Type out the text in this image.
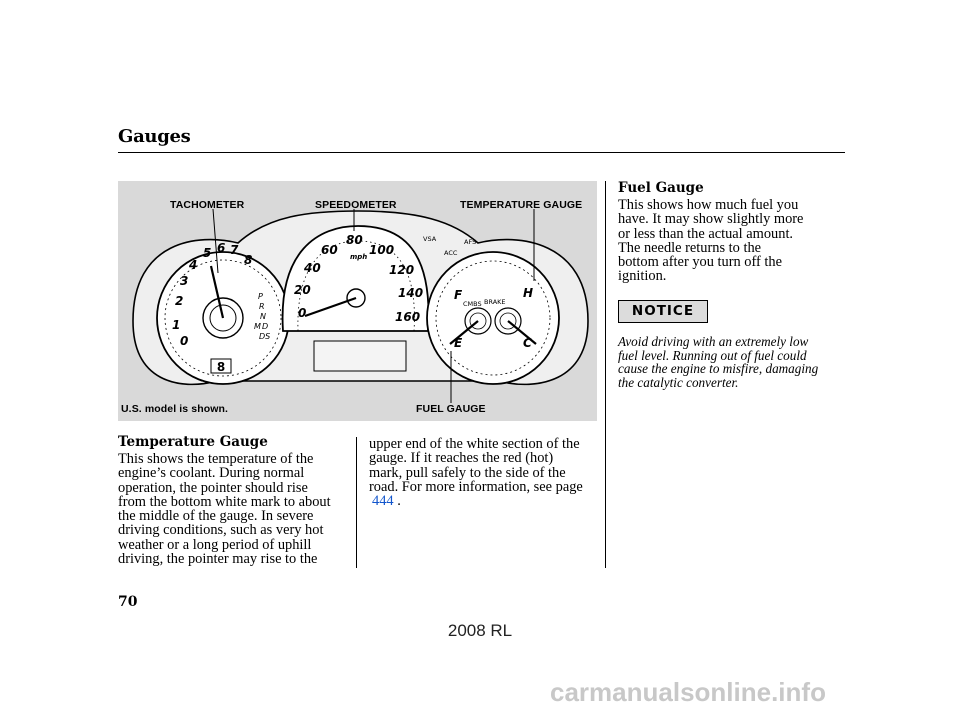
Gauges
8
0
1
2
3
4
5 6 7
8
P
R
N
M D
DS
0
20
40
60
80
100
120
140
160
mph
F
E
H
C
VSA	AFS
ACC
BRAKE
CMBS
TACHOMETER	SPEEDOMETER	TEMPERATURE GAUGE
U.S. model is shown.	FUEL GAUGE
Fuel Gauge
This shows how much fuel you
have. It may show slightly more
or less than the actual amount.
The needle returns to the
bottom after you turn off the
ignition.
NOTICE
Avoid driving with an extremely low
fuel level. Running out of fuel could
cause the engine to misfire, damaging
the catalytic converter.
Temperature Gauge
This shows the temperature of the
engine’s coolant. During normal
operation, the pointer should rise
from the bottom white mark to about
the middle of the gauge. In severe
driving conditions, such as very hot
weather or a long period of uphill
driving, the pointer may rise to the
upper end of the white section of the
gauge. If it reaches the red (hot)
mark, pull safely to the side of the
road. For more information, see page
444 .
70
2008 RL
carmanualsonline.info
